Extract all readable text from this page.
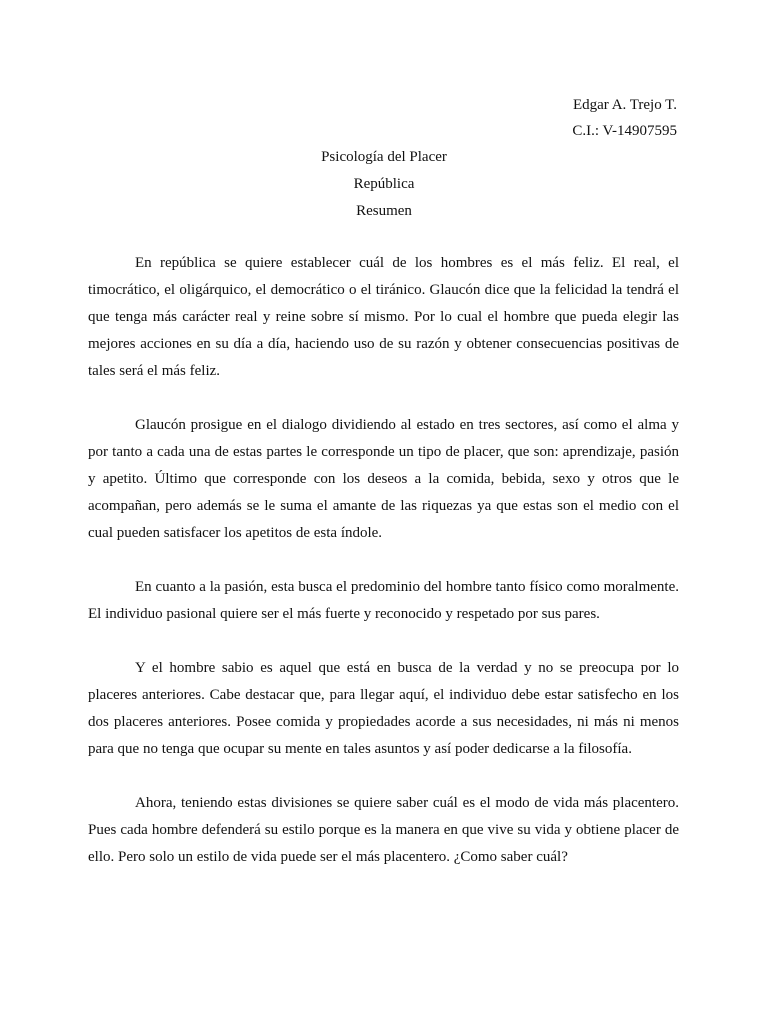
Edgar A. Trejo T.
C.I.: V-14907595
Psicología del Placer
República
Resumen

En república se quiere establecer cuál de los hombres es el más feliz. El real, el timocrático, el oligárquico, el democrático o el tiránico. Glaucón dice que la felicidad la tendrá el que tenga más carácter real y reine sobre sí mismo. Por lo cual el hombre que pueda elegir las mejores acciones en su día a día, haciendo uso de su razón y obtener consecuencias positivas de tales será el más feliz.

Glaucón prosigue en el dialogo dividiendo al estado en tres sectores, así como el alma y por tanto a cada una de estas partes le corresponde un tipo de placer, que son: aprendizaje, pasión y apetito. Último que corresponde con los deseos a la comida, bebida, sexo y otros que le acompañan, pero además se le suma el amante de las riquezas ya que estas son el medio con el cual pueden satisfacer los apetitos de esta índole.

En cuanto a la pasión, esta busca el predominio del hombre tanto físico como moralmente. El individuo pasional quiere ser el más fuerte y reconocido y respetado por sus pares.

Y el hombre sabio es aquel que está en busca de la verdad y no se preocupa por lo placeres anteriores. Cabe destacar que, para llegar aquí, el individuo debe estar satisfecho en los dos placeres anteriores. Posee comida y propiedades acorde a sus necesidades, ni más ni menos para que no tenga que ocupar su mente en tales asuntos y así poder dedicarse a la filosofía.

Ahora, teniendo estas divisiones se quiere saber cuál es el modo de vida más placentero. Pues cada hombre defenderá su estilo porque es la manera en que vive su vida y obtiene placer de ello. Pero solo un estilo de vida puede ser el más placentero. ¿Como saber cuál?
